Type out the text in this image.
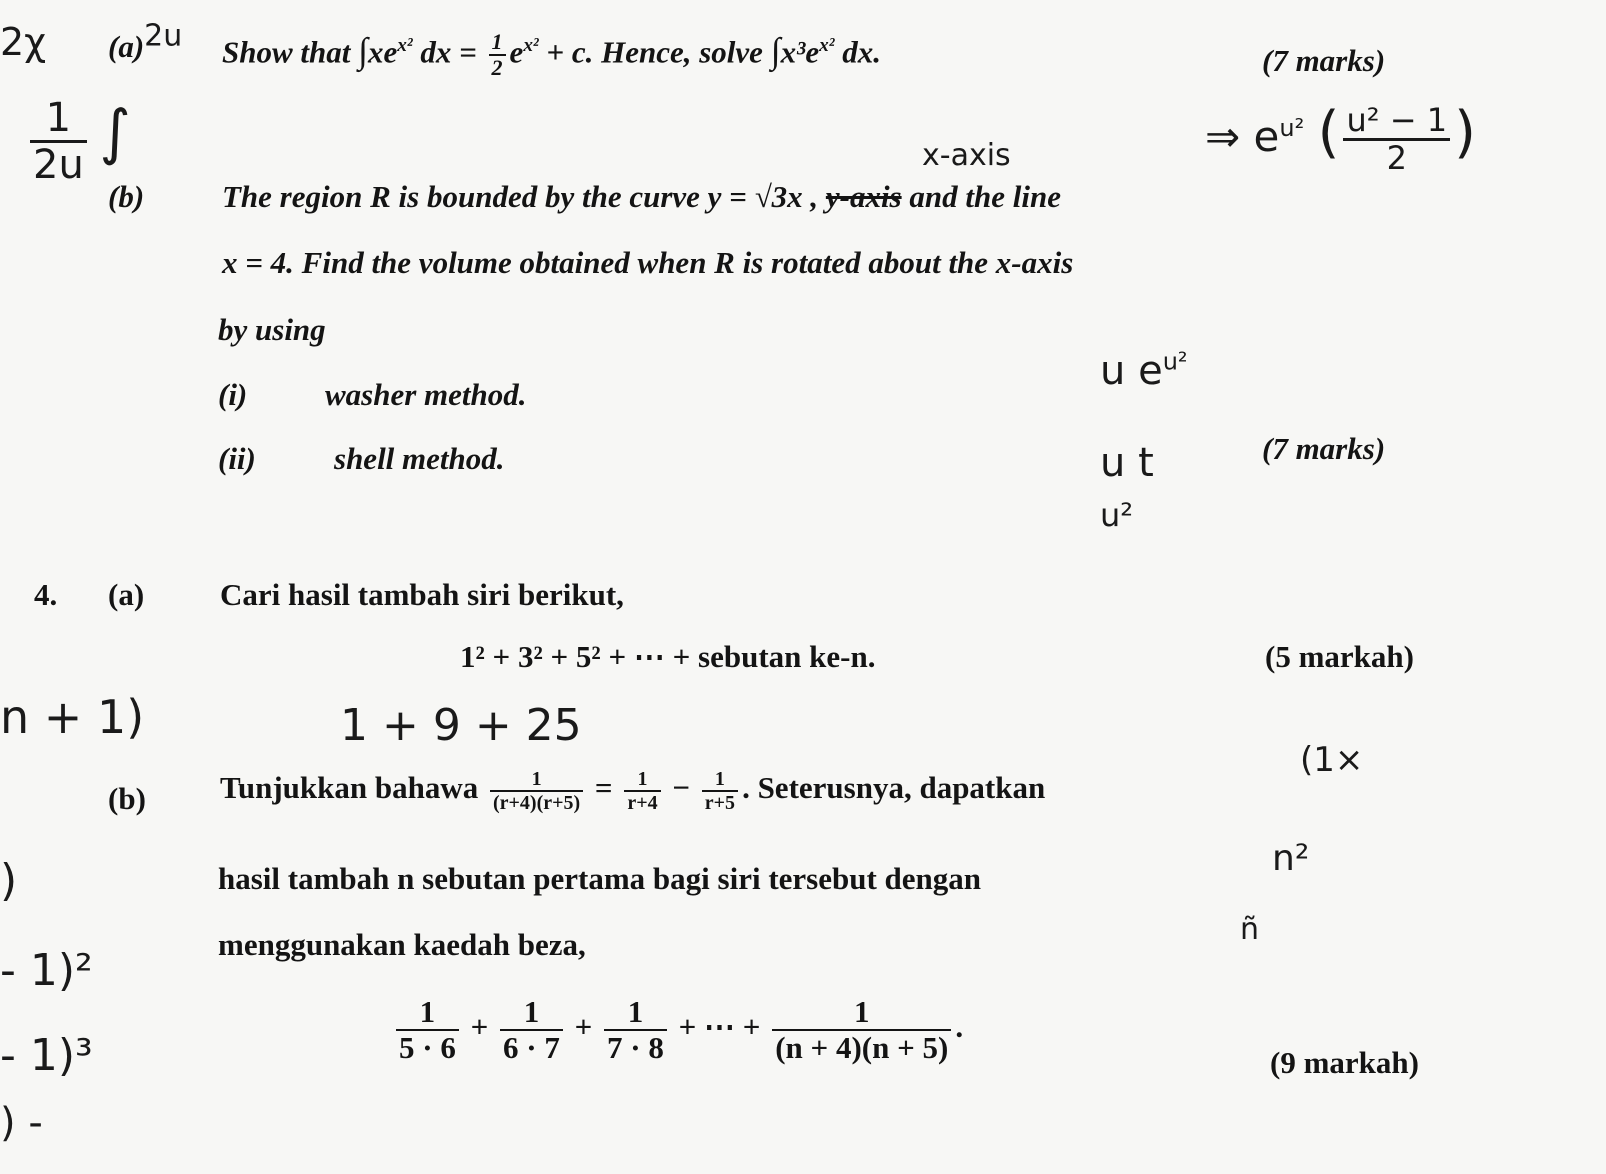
2χ
$\frac{1}{2u}$ ∫
n + 1)
)
- 1)²
- 1)³
) -
$(a)^{2u}$ Show that $\int xe^{x^2}$ dx = $\frac{1}{2} e^{x^2} + c$. Hence, solve $\int x^3e^{x^2}$ dx.	(7 marks)
⇒ $e^{u^2}$ ( $\frac{\text{u² − 1}}{2}$ )
(b)
x-axis
The region R is bounded by the curve y = √3x , y-axis and the line
x = 4. Find the volume obtained when R is rotated about the x-axis
by using
(i)	washer method.
(ii)	shell method.	(7 marks)
u $e^{u^2}$
u t
u²
4. (a) Cari hasil tambah siri berikut,
1² + 3² + 5² + ⋯ + sebutan ke-n.	(5 markah)
1 + 9 + 25
(1×
(b) Tunjukkan bahawa $\frac{1}{(r+4)(r+5)} = \frac{1}{r+4} - \frac{1}{r+5}$ . Seterusnya, dapatkan
hasil tambah n sebutan pertama bagi siri tersebut dengan
menggunakan kaedah beza,
n²
ñ
$\frac{1}{5 \cdot 6} + \frac{1}{6 \cdot 7} + \frac{1}{7 \cdot 8}$ + ⋯ + $\frac{1}{(n + 4)(n + 5)}$ .
(9 markah)
